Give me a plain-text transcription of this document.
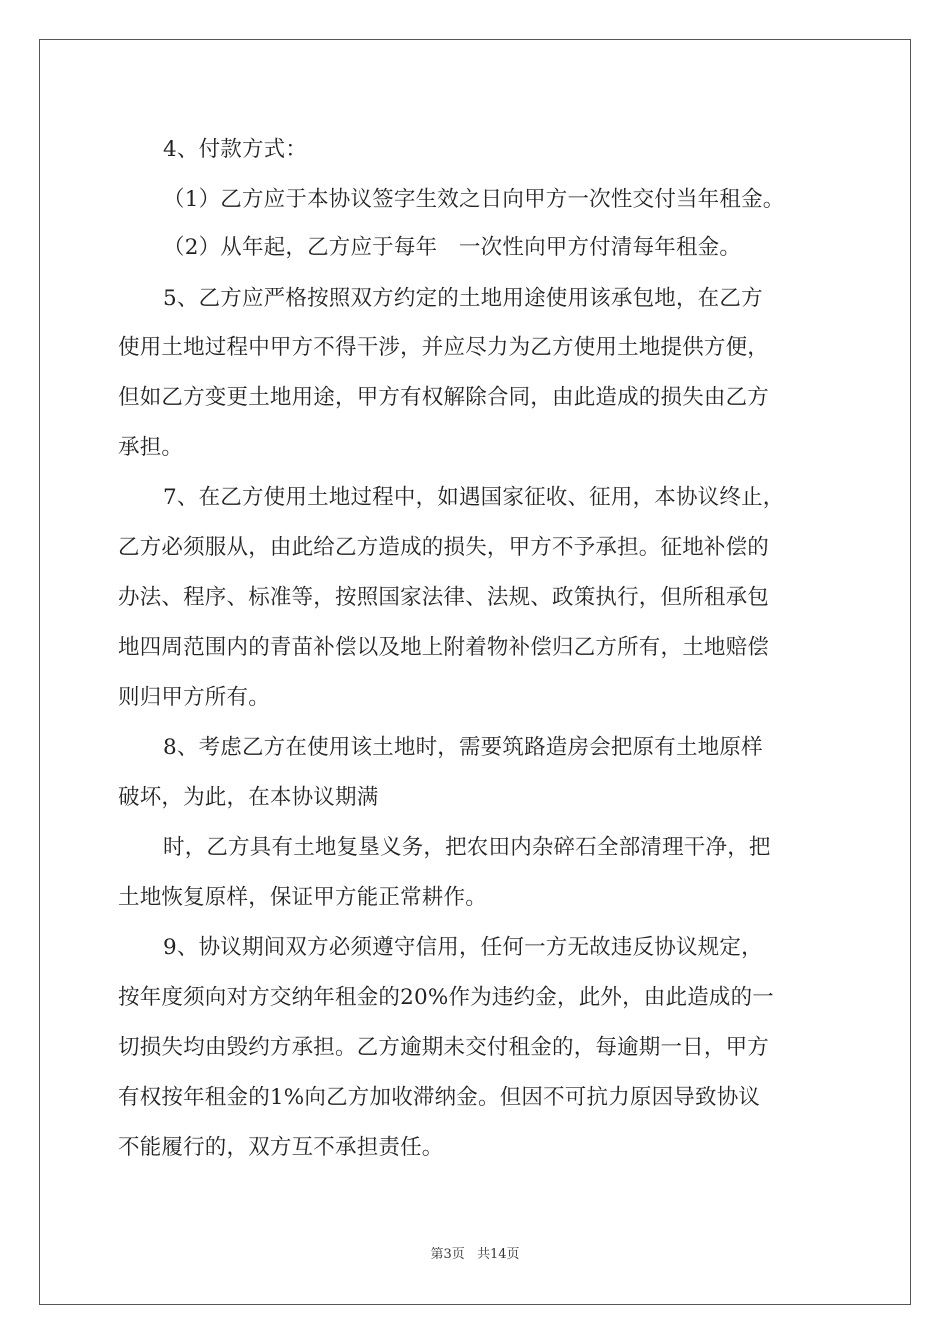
4、付款方式：
（1）乙方应于本协议签字生效之日向甲方一次性交付当年租金。
（2）从年起，乙方应于每年　一次性向甲方付清每年租金。
5、乙方应严格按照双方约定的土地用途使用该承包地，在乙方
使用土地过程中甲方不得干涉，并应尽力为乙方使用土地提供方便，
但如乙方变更土地用途，甲方有权解除合同，由此造成的损失由乙方
承担。
7、在乙方使用土地过程中，如遇国家征收、征用，本协议终止，
乙方必须服从，由此给乙方造成的损失，甲方不予承担。征地补偿的
办法、程序、标准等，按照国家法律、法规、政策执行，但所租承包
地四周范围内的青苗补偿以及地上附着物补偿归乙方所有，土地赔偿
则归甲方所有。
8、考虑乙方在使用该土地时，需要筑路造房会把原有土地原样
破坏，为此，在本协议期满
时，乙方具有土地复垦义务，把农田内杂碎石全部清理干净，把
土地恢复原样，保证甲方能正常耕作。
9、协议期间双方必须遵守信用，任何一方无故违反协议规定，
按年度须向对方交纳年租金的20%作为违约金，此外，由此造成的一
切损失均由毁约方承担。乙方逾期未交付租金的，每逾期一日，甲方
有权按年租金的1%向乙方加收滞纳金。但因不可抗力原因导致协议
不能履行的，双方互不承担责任。
第3页 共14页
